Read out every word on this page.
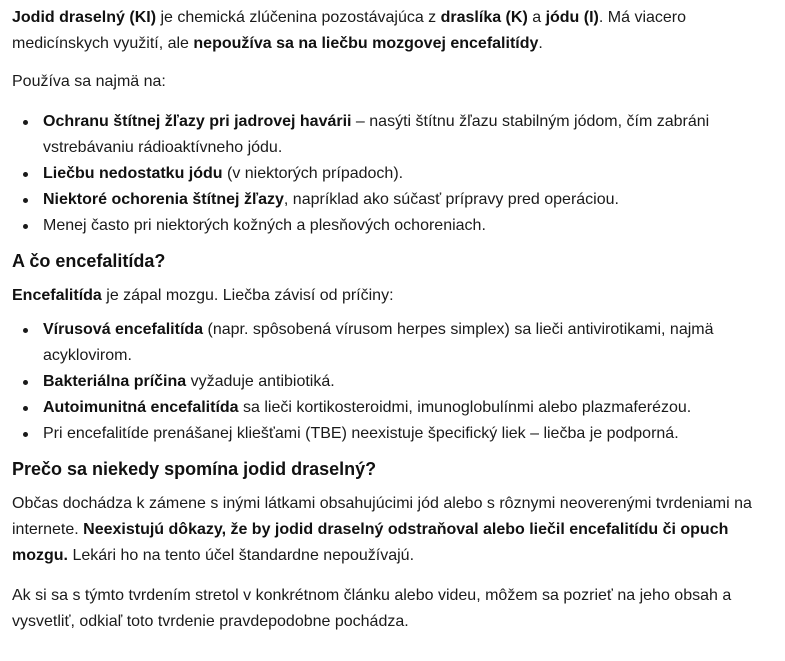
Jodid draselný (KI) je chemická zlúčenina pozostávajúca z draslíka (K) a jódu (I). Má viacero medicínskych využití, ale nepoužíva sa na liečbu mozgovej encefalitídy.

Používa sa najmä na:

Ochranu štítnej žľazy pri jadrovej havárii – nasýti štítnu žľazu stabilným jódom, čím zabráni vstrebávaniu rádioaktívneho jódu.
Liečbu nedostatku jódu (v niektorých prípadoch).
Niektoré ochorenia štítnej žľazy, napríklad ako súčasť prípravy pred operáciou.
Menej často pri niektorých kožných a plesňových ochoreniach.
A čo encefalitída?

Encefalitída je zápal mozgu. Liečba závisí od príčiny:

Vírusová encefalitída (napr. spôsobená vírusom herpes simplex) sa lieči antivirotikami, najmä acyklovirom.
Bakteriálna príčina vyžaduje antibiotiká.
Autoimunitná encefalitída sa lieči kortikosteroidmi, imunoglobulínmi alebo plazmaferézou.
Pri encefalitíde prenášanej kliešťami (TBE) neexistuje špecifický liek – liečba je podporná.
Prečo sa niekedy spomína jodid draselný?

Občas dochádza k zámene s inými látkami obsahujúcimi jód alebo s rôznymi neoverenými tvrdeniami na internete. Neexistujú dôkazy, že by jodid draselný odstraňoval alebo liečil encefalitídu či opuch mozgu. Lekári ho na tento účel štandardne nepoužívajú.

Ak si sa s týmto tvrdením stretol v konkrétnom článku alebo videu, môžem sa pozrieť na jeho obsah a vysvetliť, odkiaľ toto tvrdenie pravdepodobne pochádza.
